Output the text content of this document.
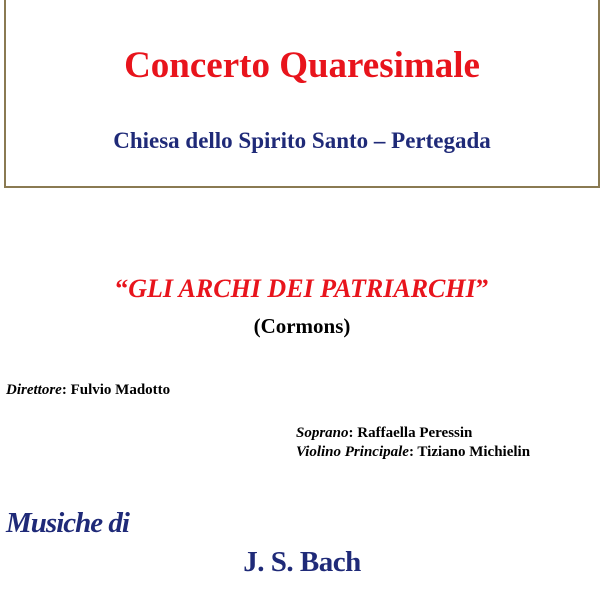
Concerto Quaresimale
Chiesa dello Spirito Santo – Pertegada
“GLI ARCHI DEI PATRIARCHI”
(Cormons)
Direttore: Fulvio Madotto
Soprano: Raffaella Peressin
Violino Principale: Tiziano Michielin
Musiche di
J. S. Bach
